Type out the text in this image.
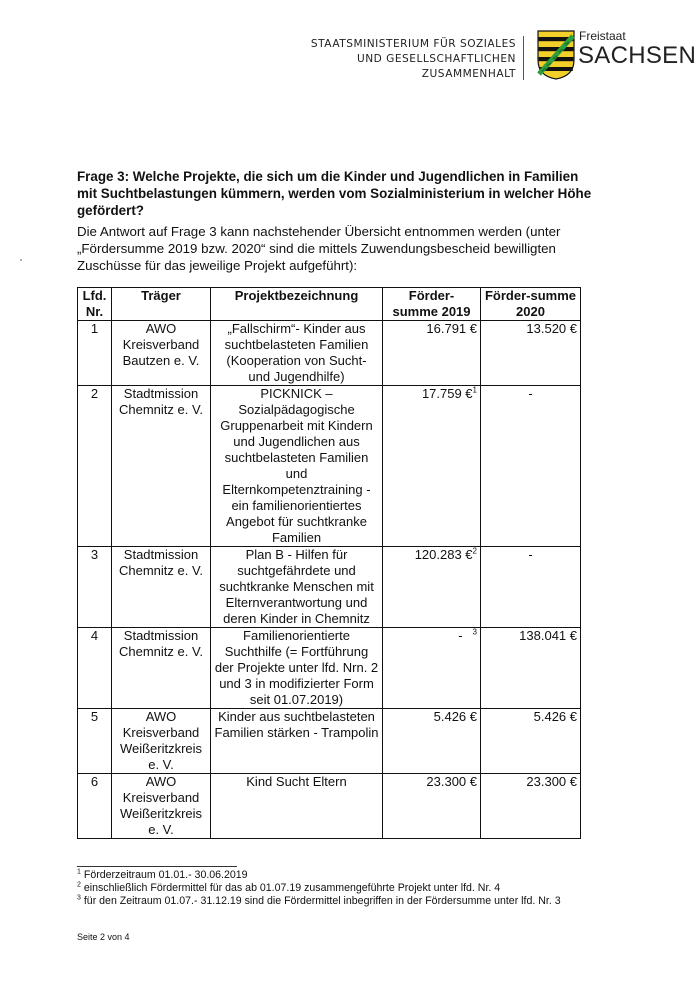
STAATSMINISTERIUM FÜR SOZIALES
UND GESELLSCHAFTLICHEN
ZUSAMMENHALT
Freistaat
SACHSEN
Frage 3: Welche Projekte, die sich um die Kinder und Jugendlichen in Familien mit Suchtbelastungen kümmern, werden vom Sozialministerium in welcher Höhe gefördert?
Die Antwort auf Frage 3 kann nachstehender Übersicht entnommen werden (unter „Fördersumme 2019 bzw. 2020“ sind die mittels Zuwendungsbescheid bewilligten Zuschüsse für das jeweilige Projekt aufgeführt):
Lfd. Nr.	Träger	Projektbezeichnung	Förder-summe 2019	Förder-summe 2020
1	AWO Kreisverband Bautzen e. V.	„Fallschirm“- Kinder aus suchtbelasteten Familien (Kooperation von Sucht- und Jugendhilfe)	16.791 €	13.520 €
2	Stadtmission Chemnitz e. V.	PICKNICK –Sozialpädagogische Gruppenarbeit mit Kindern und Jugendlichen aus suchtbelasteten Familien und Elternkompetenztraining - ein familienorientiertes Angebot für suchtkranke Familien	17.759 €$^1$	-
3	Stadtmission Chemnitz e. V.	Plan B - Hilfen für suchtgefährdete und suchtkranke Menschen mit Elternverantwortung und deren Kinder in Chemnitz	120.283 €$^2$	-
4	Stadtmission Chemnitz e. V.	Familienorientierte Suchthilfe (= Fortführung der Projekte unter lfd. Nrn. 2 und 3 in modifizierter Form seit 01.07.2019)	- $^3$	138.041 €
5	AWO Kreisverband Weißeritzkreis e. V.	Kinder aus suchtbelasteten Familien stärken - Trampolin	5.426 €	5.426 €
6	AWO Kreisverband Weißeritzkreis e. V.	Kind Sucht Eltern	23.300 €	23.300 €

$^1$ Förderzeitraum 01.01.- 30.06.2019

$^2$ einschließlich Fördermittel für das ab 01.07.19 zusammengeführte Projekt unter lfd. Nr. 4

$^3$ für den Zeitraum 01.07.- 31.12.19 sind die Fördermittel inbegriffen in der Fördersumme unter lfd. Nr. 3

Seite 2 von 4
